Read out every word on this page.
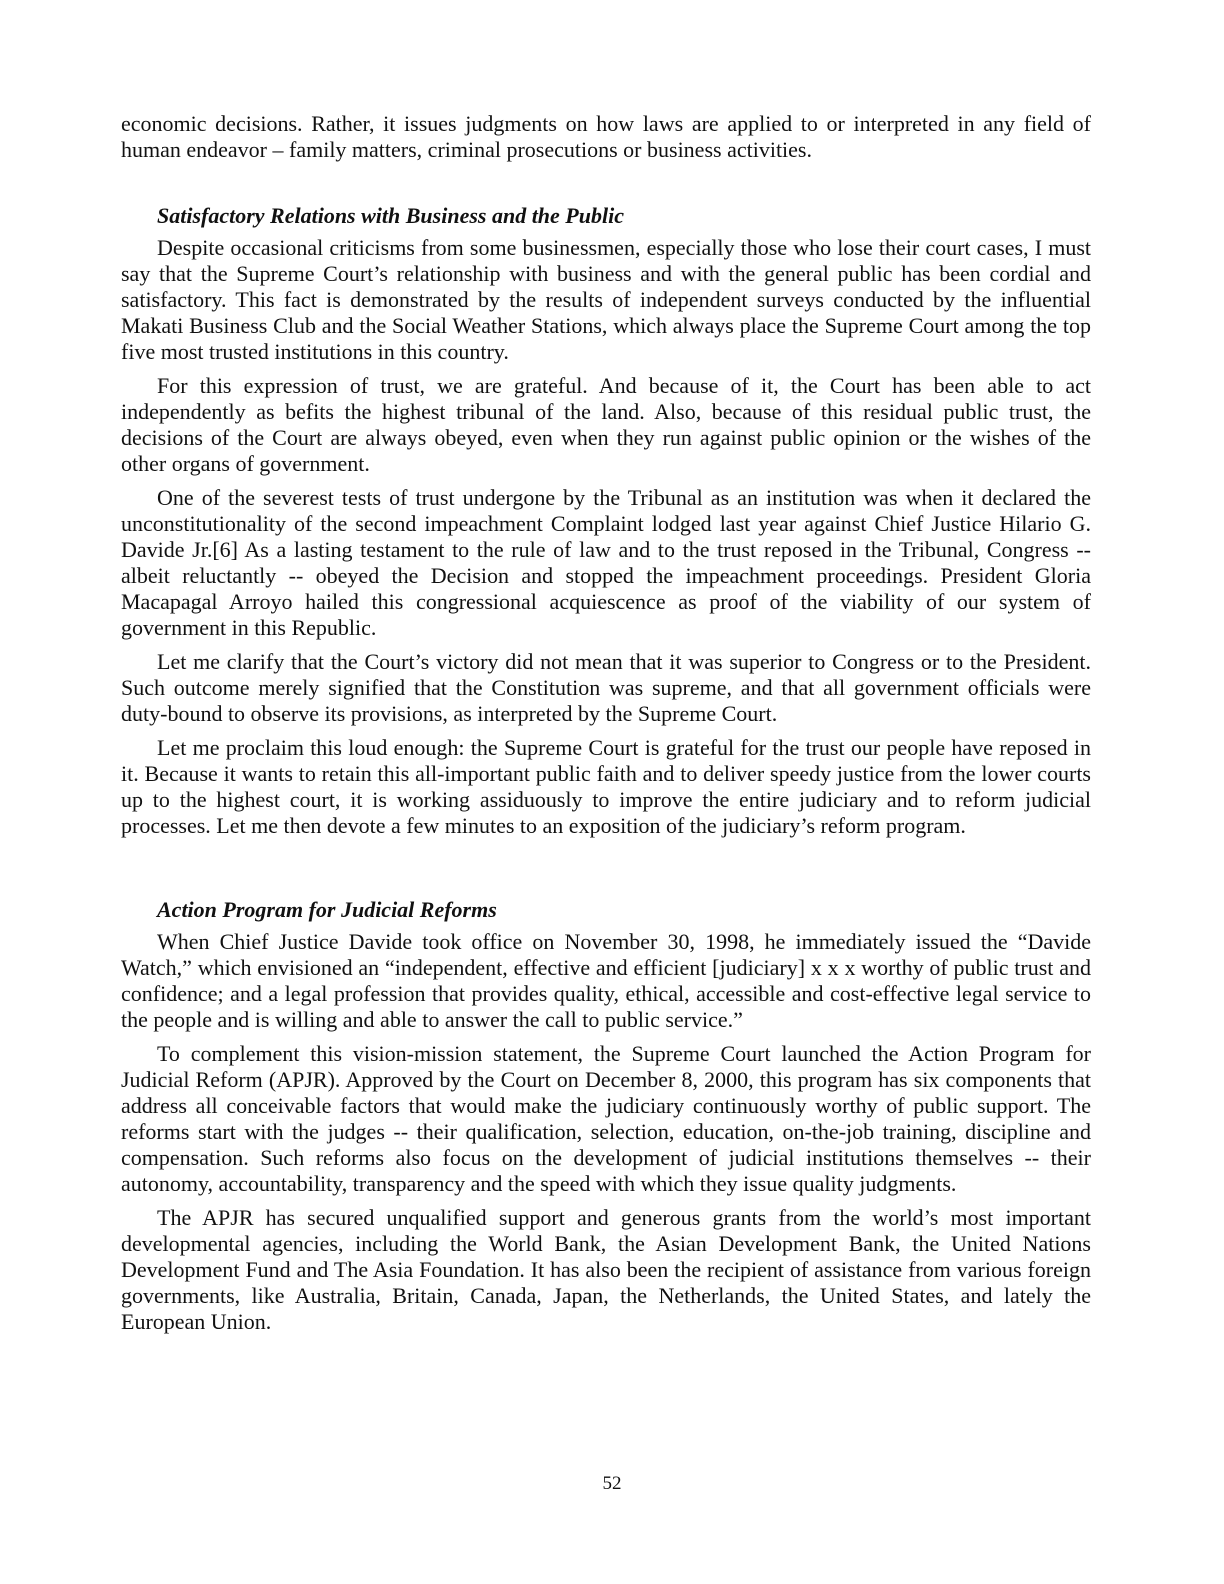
economic decisions. Rather, it issues judgments on how laws are applied to or interpreted in any field of human endeavor – family matters, criminal prosecutions or business activities.

Satisfactory Relations with Business and the Public

Despite occasional criticisms from some businessmen, especially those who lose their court cases, I must say that the Supreme Court’s relationship with business and with the general public has been cordial and satisfactory. This fact is demonstrated by the results of independent surveys conducted by the influential Makati Business Club and the Social Weather Stations, which always place the Supreme Court among the top five most trusted institutions in this country.

For this expression of trust, we are grateful. And because of it, the Court has been able to act independently as befits the highest tribunal of the land. Also, because of this residual public trust, the decisions of the Court are always obeyed, even when they run against public opinion or the wishes of the other organs of government.

One of the severest tests of trust undergone by the Tribunal as an institution was when it declared the unconstitutionality of the second impeachment Complaint lodged last year against Chief Justice Hilario G. Davide Jr.[6] As a lasting testament to the rule of law and to the trust reposed in the Tribunal, Congress -- albeit reluctantly -- obeyed the Decision and stopped the impeachment proceedings. President Gloria Macapagal Arroyo hailed this congressional acquiescence as proof of the viability of our system of government in this Republic.

Let me clarify that the Court’s victory did not mean that it was superior to Congress or to the President. Such outcome merely signified that the Constitution was supreme, and that all government officials were duty-bound to observe its provisions, as interpreted by the Supreme Court.

Let me proclaim this loud enough: the Supreme Court is grateful for the trust our people have reposed in it. Because it wants to retain this all-important public faith and to deliver speedy justice from the lower courts up to the highest court, it is working assiduously to improve the entire judiciary and to reform judicial processes. Let me then devote a few minutes to an exposition of the judiciary’s reform program.

Action Program for Judicial Reforms

When Chief Justice Davide took office on November 30, 1998, he immediately issued the “Davide Watch,” which envisioned an “independent, effective and efficient [judiciary] x x x worthy of public trust and confidence; and a legal profession that provides quality, ethical, accessible and cost-effective legal service to the people and is willing and able to answer the call to public service.”

To complement this vision-mission statement, the Supreme Court launched the Action Program for Judicial Reform (APJR). Approved by the Court on December 8, 2000, this program has six components that address all conceivable factors that would make the judiciary continuously worthy of public support. The reforms start with the judges -- their qualification, selection, education, on-the-job training, discipline and compensation. Such reforms also focus on the development of judicial institutions themselves -- their autonomy, accountability, transparency and the speed with which they issue quality judgments.

The APJR has secured unqualified support and generous grants from the world’s most important developmental agencies, including the World Bank, the Asian Development Bank, the United Nations Development Fund and The Asia Foundation. It has also been the recipient of assistance from various foreign governments, like Australia, Britain, Canada, Japan, the Netherlands, the United States, and lately the European Union.

52
